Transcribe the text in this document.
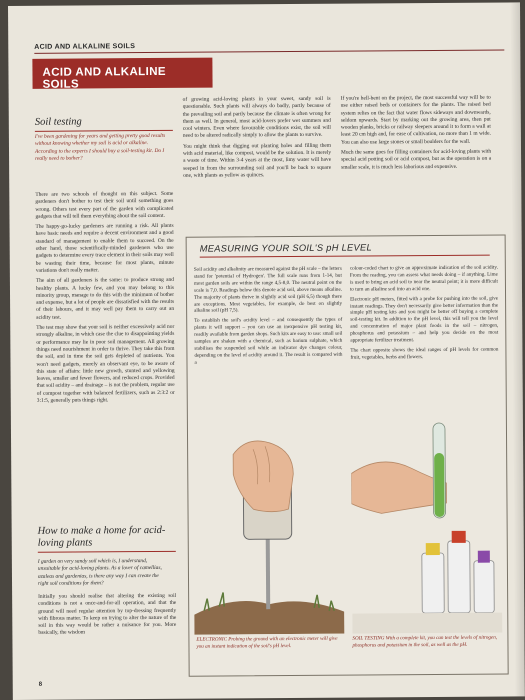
ACID AND ALKALINE SOILS
ACID AND ALKALINE SOILS
Soil testing
I've been gardening for years and getting pretty good results without knowing whether my soil is acid or alkaline. According to the experts I should buy a soil-testing kit. Do I really need to bother?

There are two schools of thought on this subject. Some gardeners don't bother to test their soil until something goes wrong. Others test every part of the garden with complicated gadgets that will tell them everything about the soil content.

The happy-go-lucky gardeners are running a risk. All plants have basic needs and require a decent environment and a good standard of management to enable them to succeed. On the other hand, those scientifically-minded gardeners who use gadgets to determine every trace element in their soils may well be wasting their time, because for most plants, minute variations don't really matter.

The aim of all gardeners is the same: to produce strong and healthy plants. A lucky few, and you may belong to this minority group, manage to do this with the minimum of bother and expense, but a lot of people are dissatisfied with the results of their labours, and it may well pay them to carry out an acidity test.

The test may show that your soil is neither excessively acid nor strongly alkaline, in which case the clue to disappointing yields or performance may lie in poor soil management. All growing things need nourishment in order to thrive. They take this from the soil, and in time the soil gets depleted of nutrients. You won't need gadgets, merely an observant eye, to be aware of this state of affairs: little new growth, stunted and yellowing leaves, smaller and fewer flowers, and reduced crops. Provided that soil acidity – and drainage – is not the problem, regular use of compost together with balanced fertilizers, such as 2:3:2 or 3:1:5, generally puts things right.

How to make a home for acid-loving plants
I garden on very sandy soil which is, I understand, unsuitable for acid-loving plants. As a lover of camellias, azaleas and gardenias, is there any way I can create the right soil conditions for them?
Initially you should realise that altering the existing soil conditions is not a once-and-for-all operation, and that the ground will need regular attention by top-dressing frequently with fibrous matter. To keep on trying to alter the nature of the soil in this way would be rather a nuisance for you. More basically, the wisdom

of growing acid-loving plants in your sweet, sandy soil is questionable. Such plants will always do badly, partly because of the prevailing soil and partly because the climate is often wrong for them as well. In general, most acid-lovers prefer wet summers and cool winters. Even where favourable conditions exist, the soil will need to be altered radically simply to allow the plants to survive.

You might think that digging out planting holes and filling them with acid material, like compost, would be the solution. It is merely a waste of time. Within 3-4 years at the most, limy water will have seeped in from the surrounding soil and you'll be back to square one, with plants as yellow as quinces.

If you're hell-bent on the project, the most successful way will be to use either raised beds or containers for the plants. The raised bed system relies on the fact that water flows sideways and downwards, seldom upwards. Start by marking out the growing area, then put wooden planks, bricks or railway sleepers around it to form a wall at least 20 cm high and, for ease of cultivation, no more than 1 m wide. You can also use large stones or small boulders for the wall.

Much the same goes for filling containers for acid-loving plants with special acid potting soil or acid compost, but as the operation is on a smaller scale, it is much less laborious and expensive.

MEASURING YOUR SOIL'S pH LEVEL

Soil acidity and alkalinity are measured against the pH scale – the letters stand for 'potential of Hydrogen'. The full scale runs from 1-14, but most garden soils are within the range 4,5-8,0. The neutral point on the scale is 7,0. Readings below this denote acid soil, above means alkaline. The majority of plants thrive in slightly acid soil (pH 6,5) though there are exceptions. Most vegetables, for example, do best on slightly alkaline soil (pH 7,5).

To establish the soil's acidity level – and consequently the types of plants it will support – you can use an inexpensive pH testing kit, readily available from garden shops. Such kits are easy to use: small soil samples are shaken with a chemical, such as barium sulphate, which stabilises the suspended soil while an indicator dye changes colour, depending on the level of acidity around it. The result is compared with a

colour-coded chart to give an approximate indication of the soil acidity. From the reading, you can assess what needs doing – if anything. Lime is used to bring an acid soil to near the neutral point; it is more difficult to turn an alkaline soil into an acid one.

Electronic pH meters, fitted with a probe for pushing into the soil, give instant readings. They don't necessarily give better information than the simple pH testing kits and you might be better off buying a complete soil-testing kit. In addition to the pH level, this will tell you the level and concentration of major plant foods in the soil – nitrogen, phosphorus and potassium – and help you decide on the most appropriate fertilizer treatment.

The chart opposite shows the ideal ranges of pH levels for common fruit, vegetables, herbs and flowers.

ELECTRONIC Probing the ground with an electronic meter will give you an instant indication of the soil's pH level.
SOIL TESTING With a complete kit, you can test the levels of nitrogen, phosphorus and potassium in the soil, as well as the pH.
8
